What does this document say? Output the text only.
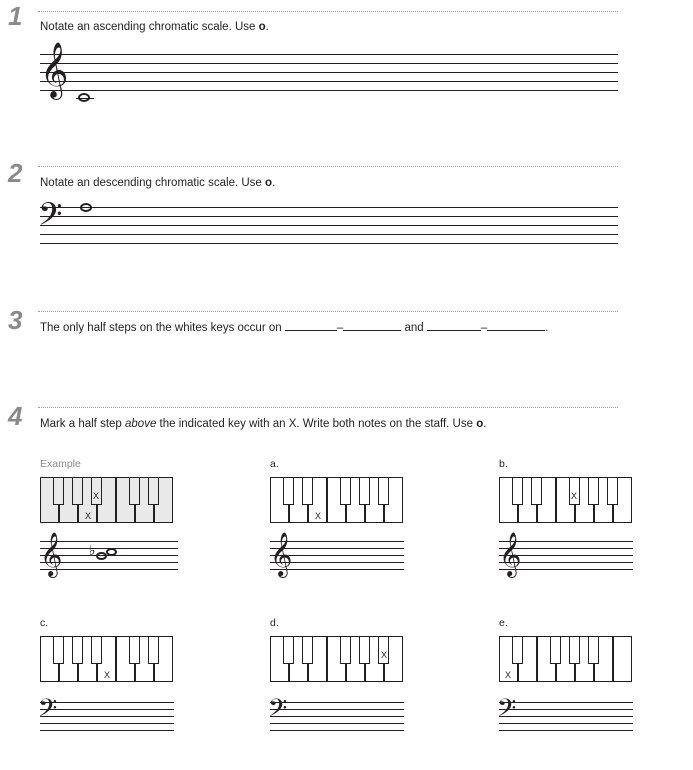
1 Notate an ascending chromatic scale. Use o.
𝄞
2 Notate an descending chromatic scale. Use o.
𝄢
3 The only half steps on the whites keys occur on	–	and	–	.
4 Mark a half step above the indicated key with an X. Write both notes on the staff. Use o.
Example
X
X
𝄞 ♭
a.
X
𝄞
b.
X
𝄞
c.
X
𝄢
d.
X
𝄢
e.
X
𝄢
